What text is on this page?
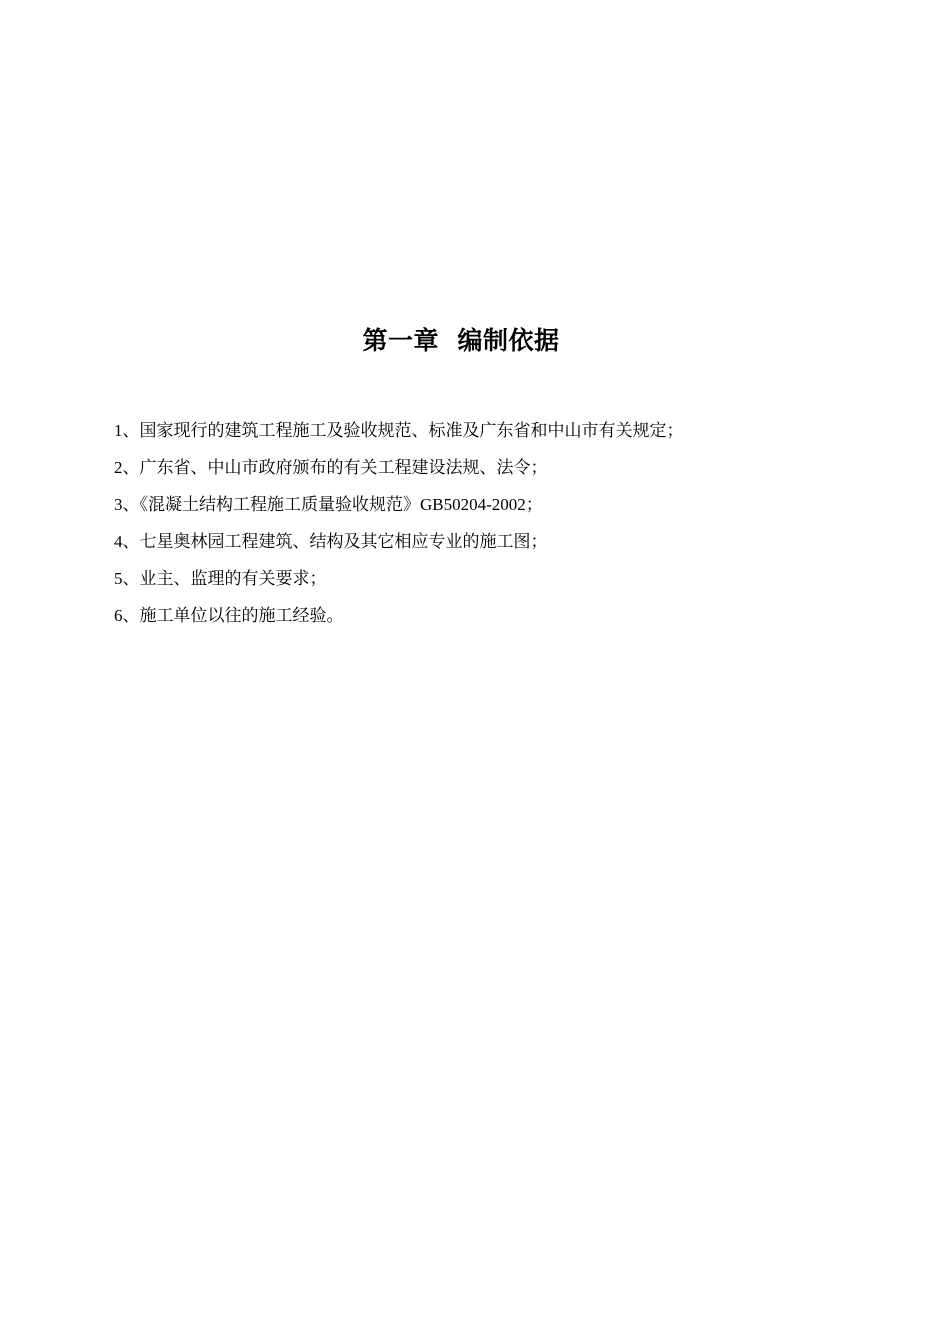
第一章  编制依据
1、国家现行的建筑工程施工及验收规范、标准及广东省和中山市有关规定；
2、广东省、中山市政府颁布的有关工程建设法规、法令；
3、《混凝土结构工程施工质量验收规范》GB50204-2002；
4、七星奥林园工程建筑、结构及其它相应专业的施工图；
5、业主、监理的有关要求；
6、施工单位以往的施工经验。
